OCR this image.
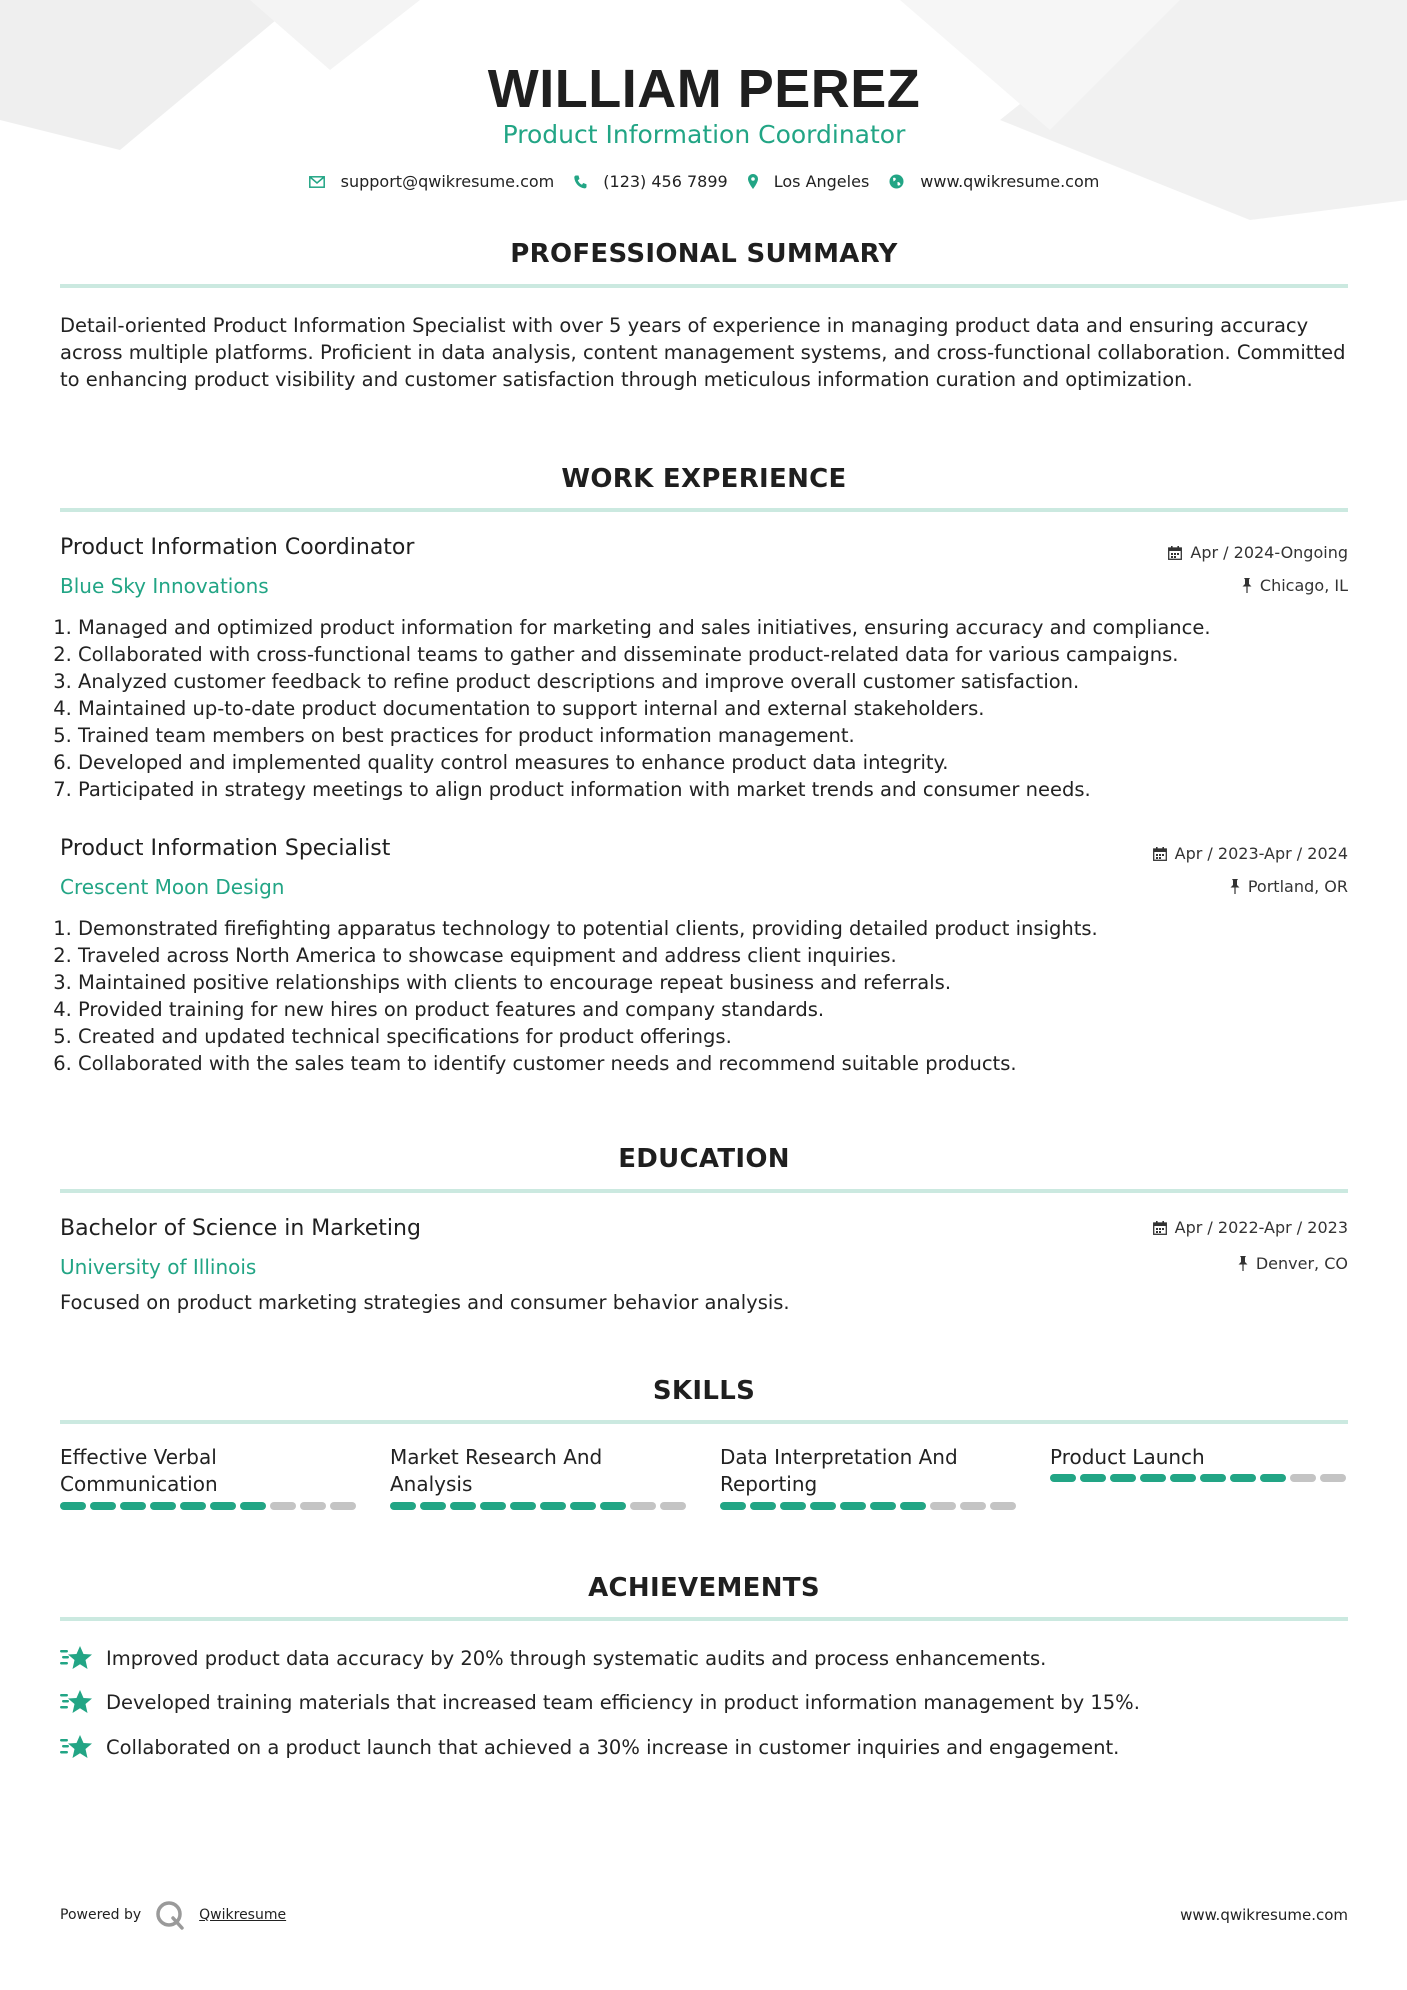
WILLIAM PEREZ
Product Information Coordinator
support@qwikresume.com	(123) 456 7899	Los Angeles	www.qwikresume.com
PROFESSIONAL SUMMARY
Detail-oriented Product Information Specialist with over 5 years of experience in managing product data and ensuring accuracy across multiple platforms. Proficient in data analysis, content management systems, and cross-functional collaboration. Committed to enhancing product visibility and customer satisfaction through meticulous information curation and optimization.
WORK EXPERIENCE
Product Information Coordinator	Apr / 2024-Ongoing
Blue Sky Innovations	Chicago, IL
1. Managed and optimized product information for marketing and sales initiatives, ensuring accuracy and compliance.
2. Collaborated with cross-functional teams to gather and disseminate product-related data for various campaigns.
3. Analyzed customer feedback to refine product descriptions and improve overall customer satisfaction.
4. Maintained up-to-date product documentation to support internal and external stakeholders.
5. Trained team members on best practices for product information management.
6. Developed and implemented quality control measures to enhance product data integrity.
7. Participated in strategy meetings to align product information with market trends and consumer needs.
Product Information Specialist	Apr / 2023-Apr / 2024
Crescent Moon Design	Portland, OR
1. Demonstrated firefighting apparatus technology to potential clients, providing detailed product insights.
2. Traveled across North America to showcase equipment and address client inquiries.
3. Maintained positive relationships with clients to encourage repeat business and referrals.
4. Provided training for new hires on product features and company standards.
5. Created and updated technical specifications for product offerings.
6. Collaborated with the sales team to identify customer needs and recommend suitable products.
EDUCATION
Bachelor of Science in Marketing	Apr / 2022-Apr / 2023
University of Illinois	Denver, CO
Focused on product marketing strategies and consumer behavior analysis.
SKILLS
Effective Verbal Communication
Market Research And Analysis
Data Interpretation And Reporting
Product Launch
ACHIEVEMENTS
Improved product data accuracy by 20% through systematic audits and process enhancements.
Developed training materials that increased team efficiency in product information management by 15%.
Collaborated on a product launch that achieved a 30% increase in customer inquiries and engagement.
Powered by	Qwikresume	www.qwikresume.com
